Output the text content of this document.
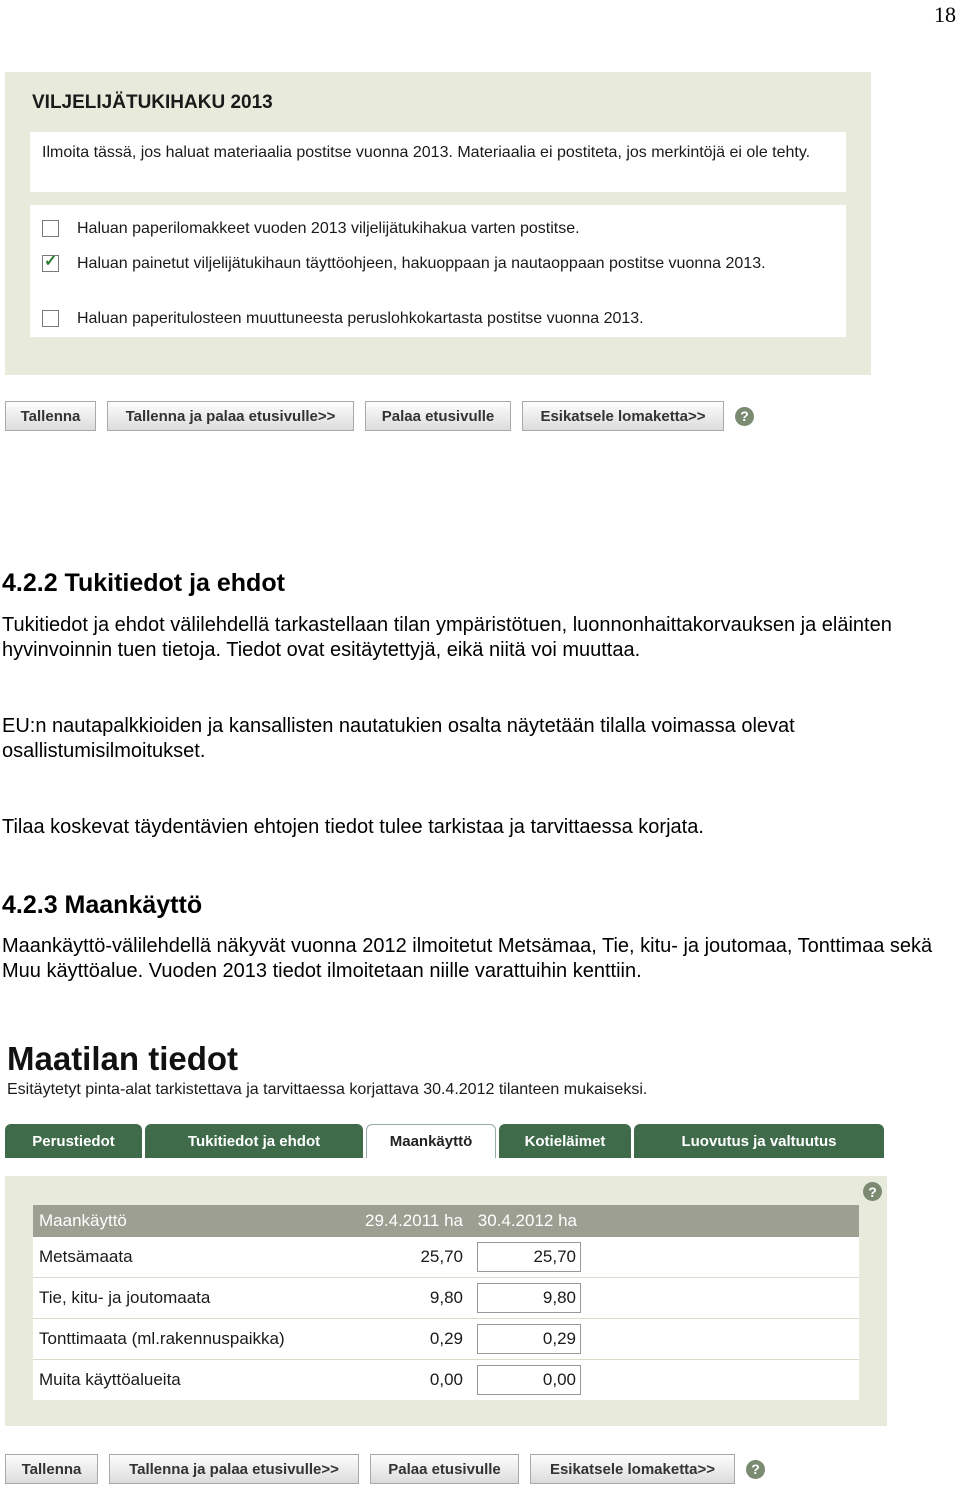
18
VILJELIJÄTUKIHAKU 2013
Ilmoita tässä, jos haluat materiaalia postitse vuonna 2013. Materiaalia ei postiteta, jos merkintöjä ei ole tehty.
Haluan paperilomakkeet vuoden 2013 viljelijätukihakua varten postitse.
✓
Haluan painetut viljelijätukihaun täyttöohjeen, hakuoppaan ja nautaoppaan postitse vuonna 2013.
Haluan paperitulosteen muuttuneesta peruslohkokartasta postitse vuonna 2013.
Tallenna	Tallenna ja palaa etusivulle>>	Palaa etusivulle	Esikatsele lomaketta>>	?
4.2.2 Tukitiedot ja ehdot
Tukitiedot ja ehdot välilehdellä tarkastellaan tilan ympäristötuen, luonnonhaittakorvauksen ja eläinten hyvinvoinnin tuen tietoja. Tiedot ovat esitäytettyjä, eikä niitä voi muuttaa.
EU:n nautapalkkioiden ja kansallisten nautatukien osalta näytetään tilalla voimassa olevat osallistumisilmoitukset.
Tilaa koskevat täydentävien ehtojen tiedot tulee tarkistaa ja tarvittaessa korjata.
4.2.3 Maankäyttö
Maankäyttö-välilehdellä näkyvät vuonna 2012 ilmoitetut Metsämaa, Tie, kitu- ja joutomaa, Tonttimaa sekä Muu käyttöalue. Vuoden 2013 tiedot ilmoitetaan niille varattuihin kenttiin.
Maatilan tiedot
Esitäytetyt pinta-alat tarkistettava ja tarvittaessa korjattava 30.4.2012 tilanteen mukaiseksi.
Perustiedot	Tukitiedot ja ehdot	Maankäyttö	Kotieläimet	Luovutus ja valtuutus
?
Maankäyttö	29.4.2011 ha 30.4.2012 ha
Metsämaata	25,70	25,70
Tie, kitu- ja joutomaata	9,80	9,80
Tonttimaata (ml.rakennuspaikka)	0,29	0,29
Muita käyttöalueita	0,00	0,00
Tallenna	Tallenna ja palaa etusivulle>>	Palaa etusivulle	Esikatsele lomaketta>>	?
